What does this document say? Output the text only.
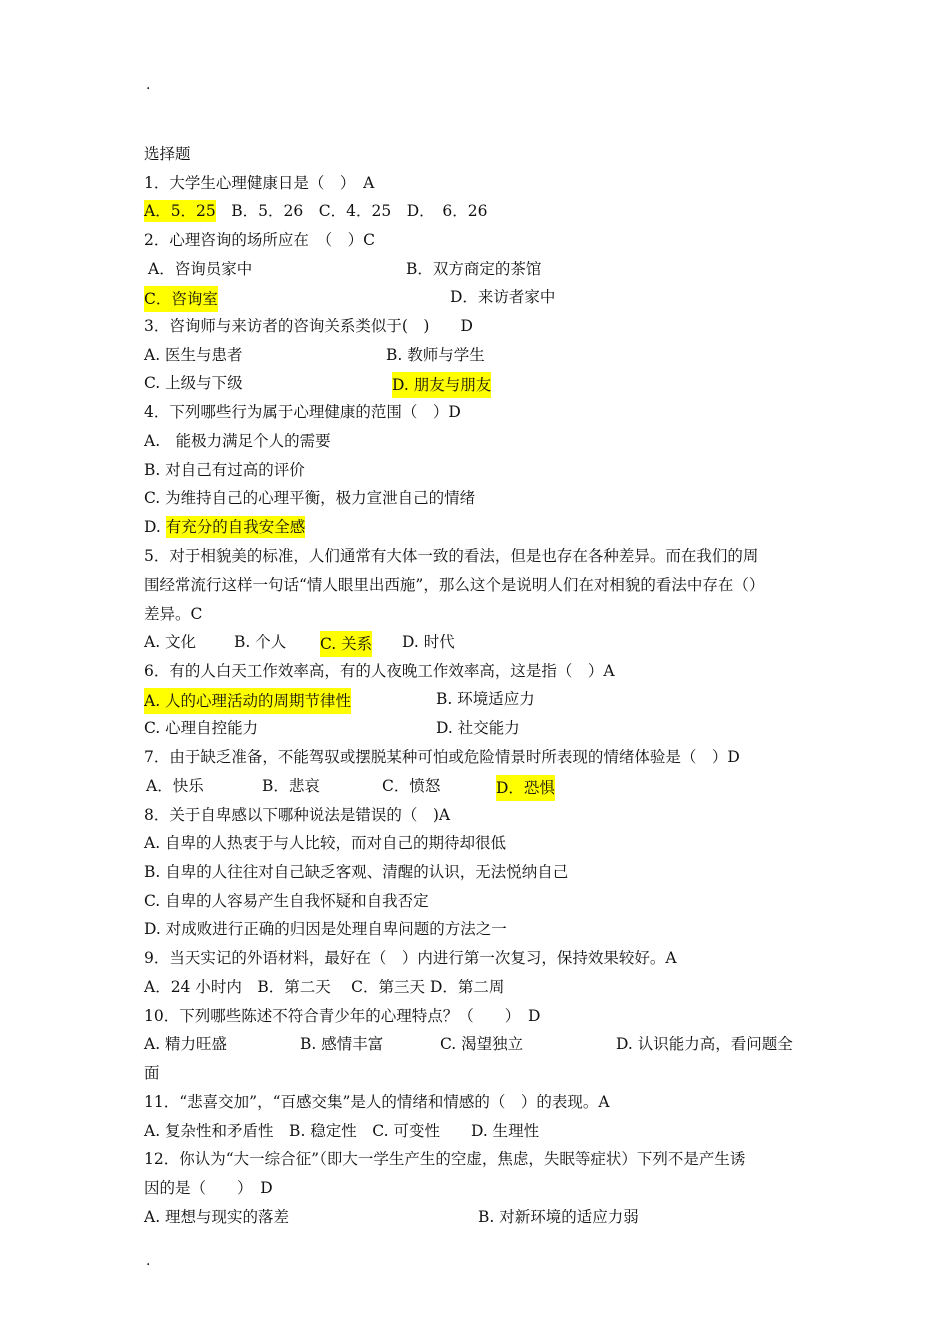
.
选择题
1．大学生心理健康日是（　）　A
A．5．25　B．5．26　C．4．25　D．　6．26
2．心理咨询的场所应在　（　）C
A．咨询员家中	B．双方商定的茶馆
C．咨询室	D．来访者家中
3．咨询师与来访者的咨询关系类似于(　)　　D
A. 医生与患者	B. 教师与学生
C. 上级与下级	D. 朋友与朋友
4．下列哪些行为属于心理健康的范围（　）D
A.　能极力满足个人的需要
B. 对自己有过高的评价
C. 为维持自己的心理平衡，极力宣泄自己的情绪
D. 有充分的自我安全感
5．对于相貌美的标准，人们通常有大体一致的看法，但是也存在各种差异。而在我们的周
围经常流行这样一句话“情人眼里出西施”，那么这个是说明人们在对相貌的看法中存在（）
差异。C
A. 文化 B. 个人 C. 关系 D. 时代
6．有的人白天工作效率高，有的人夜晚工作效率高，这是指（　）A
A. 人的心理活动的周期节律性	B. 环境适应力
C. 心理自控能力	D. 社交能力
7．由于缺乏准备，不能驾驭或摆脱某种可怕或危险情景时所表现的情绪体验是（　）D
A．快乐	B．悲哀	C．愤怒	D．恐惧
8．关于自卑感以下哪种说法是错误的（　)A
A. 自卑的人热衷于与人比较，而对自己的期待却很低
B. 自卑的人往往对自己缺乏客观、清醒的认识，无法悦纳自己
C. 自卑的人容易产生自我怀疑和自我否定
D. 对成败进行正确的归因是处理自卑问题的方法之一
9．当天实记的外语材料，最好在（　）内进行第一次复习，保持效果较好。A
A．24 小时内　B．第二天　 C．第三天 D．第二周
10．下列哪些陈述不符合青少年的心理特点？（　　）　D
A. 精力旺盛	B. 感情丰富	C. 渴望独立	D. 认识能力高，看问题全
面
11．“悲喜交加”，“百感交集”是人的情绪和情感的（　）的表现。A
A. 复杂性和矛盾性　B. 稳定性　C. 可变性　　D. 生理性
12．你认为“大一综合征”（即大一学生产生的空虚，焦虑，失眠等症状）下列不是产生诱
因的是（　　）　D
A. 理想与现实的落差	B. 对新环境的适应力弱
.
